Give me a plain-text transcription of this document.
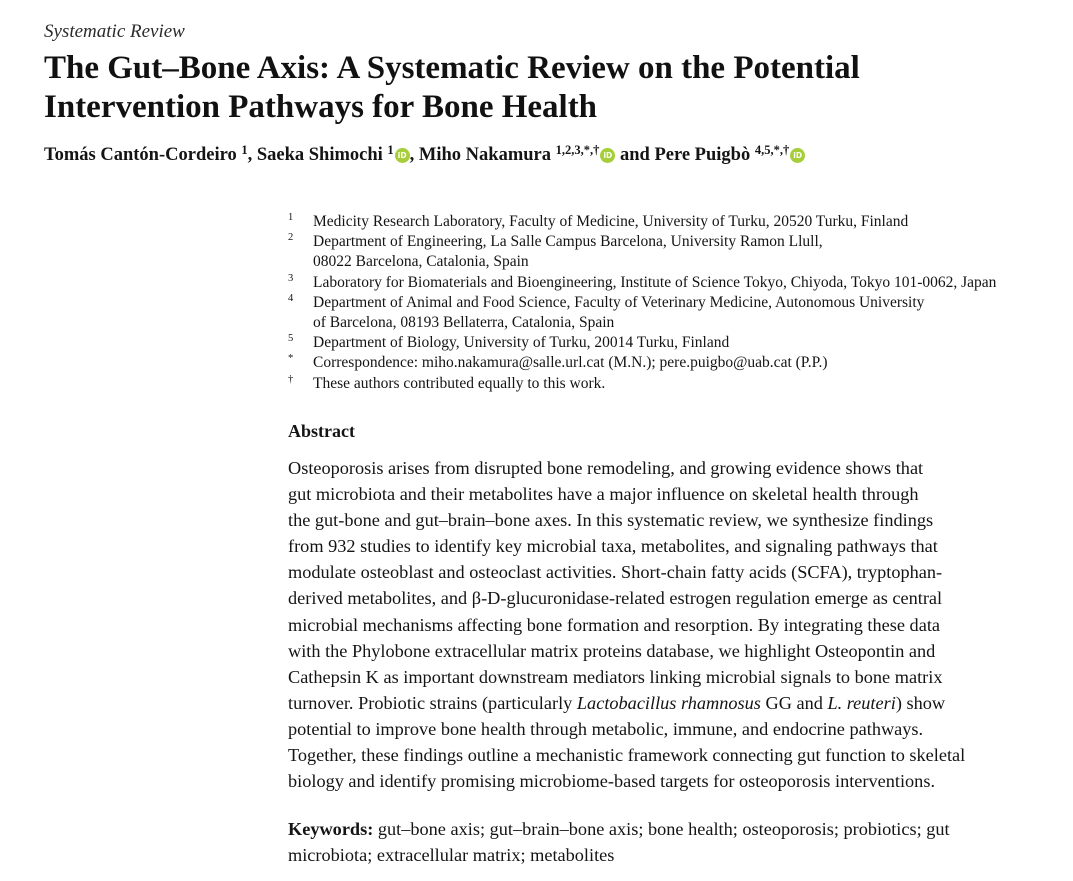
Systematic Review
The Gut–Bone Axis: A Systematic Review on the Potential
Intervention Pathways for Bone Health
Tomás Cantón-Cordeiro $^1$, Saeka Shimochi $^1$ iD , Miho Nakamura $^{1,2,3,*,\dagger}$ iD and Pere Puigbò $^{4,5,*,\dagger}$ iD
1 Medicity Research Laboratory, Faculty of Medicine, University of Turku, 20520 Turku, Finland
2 Department of Engineering, La Salle Campus Barcelona, University Ramon Llull,
08022 Barcelona, Catalonia, Spain
3 Laboratory for Biomaterials and Bioengineering, Institute of Science Tokyo, Chiyoda, Tokyo 101-0062, Japan
4 Department of Animal and Food Science, Faculty of Veterinary Medicine, Autonomous University
of Barcelona, 08193 Bellaterra, Catalonia, Spain
5 Department of Biology, University of Turku, 20014 Turku, Finland
* Correspondence: miho.nakamura@salle.url.cat (M.N.); pere.puigbo@uab.cat (P.P.)
† These authors contributed equally to this work.
Abstract
Osteoporosis arises from disrupted bone remodeling, and growing evidence shows that
gut microbiota and their metabolites have a major influence on skeletal health through
the gut-bone and gut–brain–bone axes. In this systematic review, we synthesize findings
from 932 studies to identify key microbial taxa, metabolites, and signaling pathways that
modulate osteoblast and osteoclast activities. Short-chain fatty acids (SCFA), tryptophan-
derived metabolites, and β-D-glucuronidase-related estrogen regulation emerge as central
microbial mechanisms affecting bone formation and resorption. By integrating these data
with the Phylobone extracellular matrix proteins database, we highlight Osteopontin and
Cathepsin K as important downstream mediators linking microbial signals to bone matrix
turnover. Probiotic strains (particularly Lactobacillus rhamnosus GG and L. reuteri) show
potential to improve bone health through metabolic, immune, and endocrine pathways.
Together, these findings outline a mechanistic framework connecting gut function to skeletal
biology and identify promising microbiome-based targets for osteoporosis interventions.
Keywords: gut–bone axis; gut–brain–bone axis; bone health; osteoporosis; probiotics; gut
microbiota; extracellular matrix; metabolites
